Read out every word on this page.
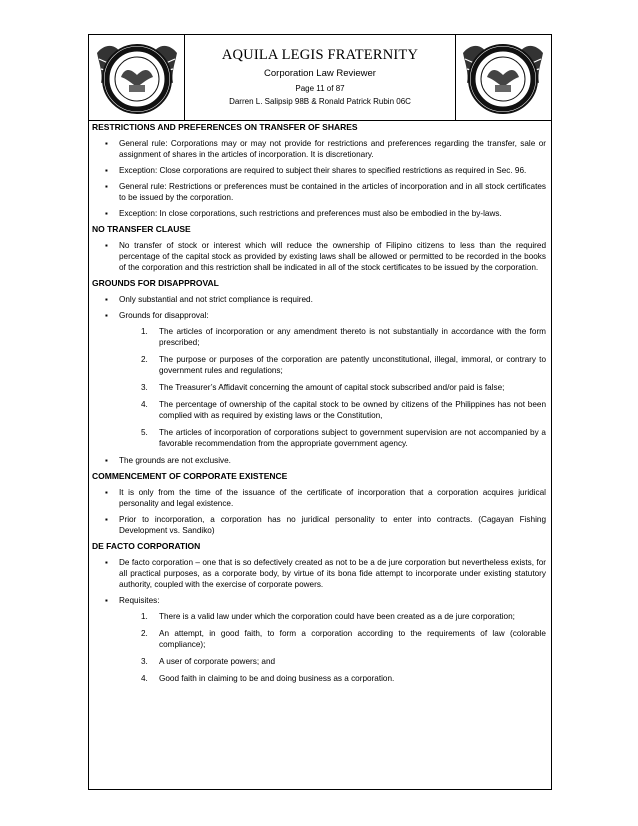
1975
AQUILA LEGIS FRATERNITY
Corporation Law Reviewer
Page 11 of 87
Darren L. Salipsip 98B & Ronald Patrick Rubin 06C
1975
RESTRICTIONS AND PREFERENCES ON TRANSFER OF SHARES
▪ General rule: Corporations may or may not provide for restrictions and preferences regarding the transfer, sale or assignment of shares in the articles of incorporation. It is discretionary.
▪ Exception: Close corporations are required to subject their shares to specified restrictions as required in Sec. 96.
▪ General rule: Restrictions or preferences must be contained in the articles of incorporation and in all stock certificates to be issued by the corporation.
▪ Exception: In close corporations, such restrictions and preferences must also be embodied in the by-laws.
NO TRANSFER CLAUSE
▪ No transfer of stock or interest which will reduce the ownership of Filipino citizens to less than the required percentage of the capital stock as provided by existing laws shall be allowed or permitted to be recorded in the books of the corporation and this restriction shall be indicated in all of the stock certificates to be issued by the corporation.
GROUNDS FOR DISAPPROVAL
▪ Only substantial and not strict compliance is required.
▪ Grounds for disapproval:
1. The articles of incorporation or any amendment thereto is not substantially in accordance with the form prescribed;
2. The purpose or purposes of the corporation are patently unconstitutional, illegal, immoral, or contrary to government rules and regulations;
3. The Treasurer’s Affidavit concerning the amount of capital stock subscribed and/or paid is false;
4. The percentage of ownership of the capital stock to be owned by citizens of the Philippines has not been complied with as required by existing laws or the Constitution,
5. The articles of incorporation of corporations subject to government supervision are not accompanied by a favorable recommendation from the appropriate government agency.
▪ The grounds are not exclusive.
COMMENCEMENT OF CORPORATE EXISTENCE
▪ It is only from the time of the issuance of the certificate of incorporation that a corporation acquires juridical personality and legal existence.
▪ Prior to incorporation, a corporation has no juridical personality to enter into contracts. (Cagayan Fishing Development vs. Sandiko)
DE FACTO CORPORATION
▪ De facto corporation – one that is so defectively created as not to be a de jure corporation but nevertheless exists, for all practical purposes, as a corporate body, by virtue of its bona fide attempt to incorporate under existing statutory authority, coupled with the exercise of corporate powers.
▪ Requisites:
1. There is a valid law under which the corporation could have been created as a de jure corporation;
2. An attempt, in good faith, to form a corporation according to the requirements of law (colorable compliance);
3. A user of corporate powers; and
4. Good faith in claiming to be and doing business as a corporation.
